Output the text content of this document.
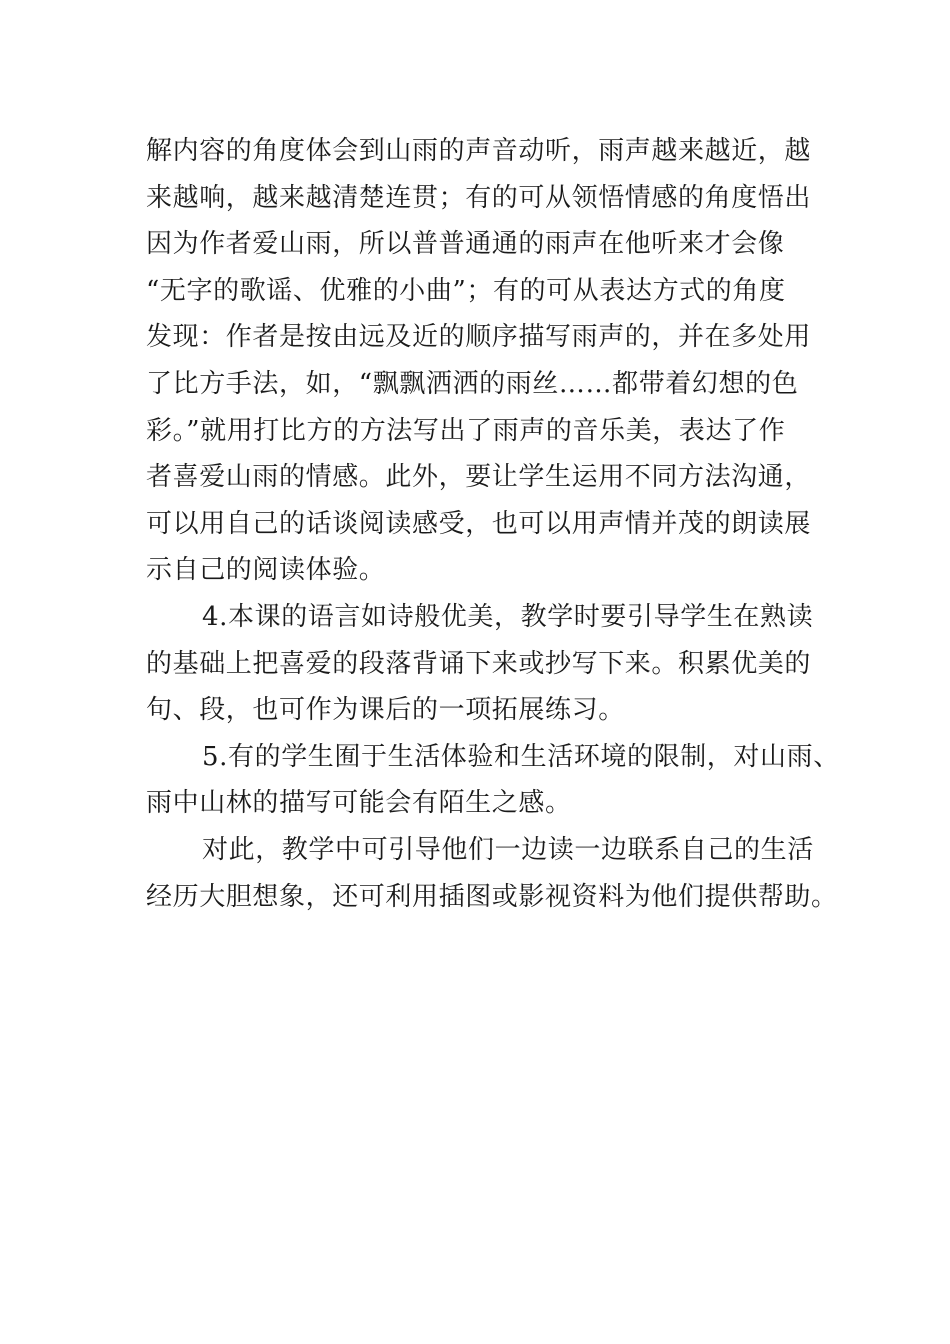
解内容的角度体会到山雨的声音动听，雨声越来越近，越
来越响，越来越清楚连贯；有的可从领悟情感的角度悟出
因为作者爱山雨，所以普普通通的雨声在他听来才会像
“无字的歌谣、优雅的小曲”；有的可从表达方式的角度
发现：作者是按由远及近的顺序描写雨声的，并在多处用
了比方手法，如，“飘飘洒洒的雨丝……都带着幻想的色
彩。”就用打比方的方法写出了雨声的音乐美，表达了作
者喜爱山雨的情感。此外，要让学生运用不同方法沟通，
可以用自己的话谈阅读感受，也可以用声情并茂的朗读展
示自己的阅读体验。
4.本课的语言如诗般优美，教学时要引导学生在熟读
的基础上把喜爱的段落背诵下来或抄写下来。积累优美的
句、段，也可作为课后的一项拓展练习。
5.有的学生囿于生活体验和生活环境的限制，对山雨、
雨中山林的描写可能会有陌生之感。
对此，教学中可引导他们一边读一边联系自己的生活
经历大胆想象，还可利用插图或影视资料为他们提供帮助。
